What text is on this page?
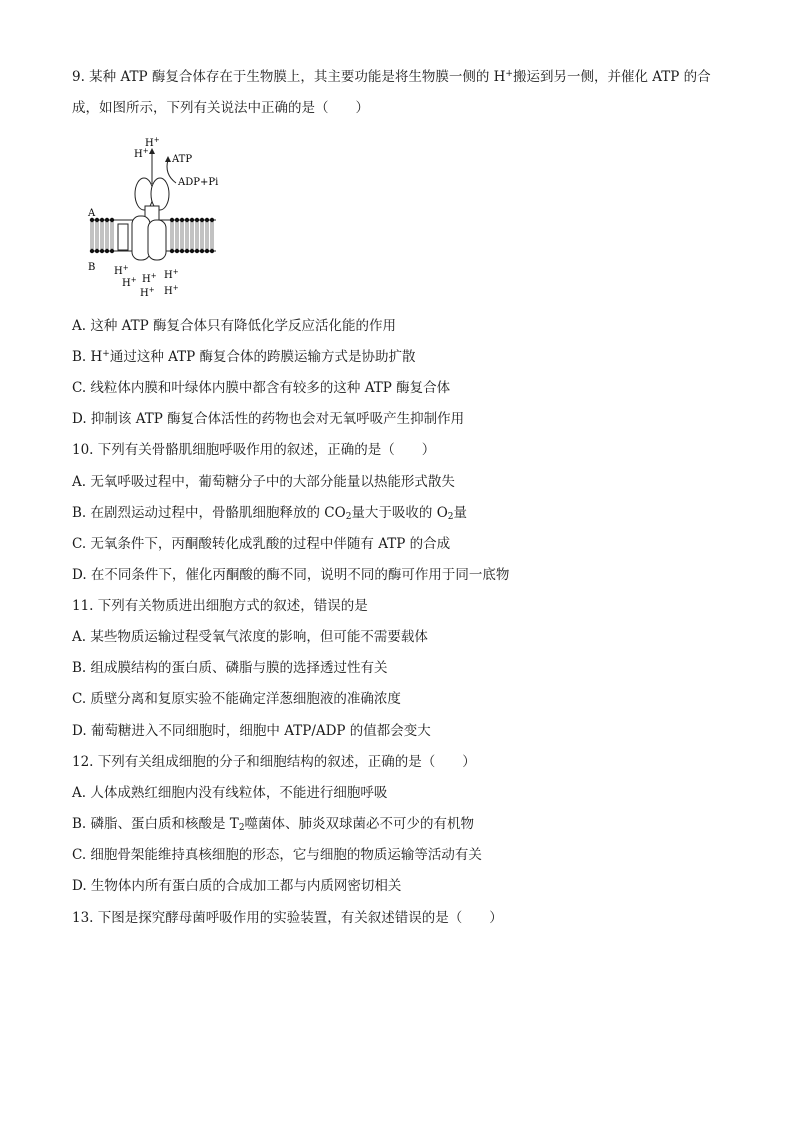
9. 某种 ATP 酶复合体存在于生物膜上，其主要功能是将生物膜一侧的 H+搬运到另一侧，并催化 ATP 的合
成，如图所示，下列有关说法中正确的是（　　）
H+
H+
ATP
ADP+Pi
A
B H+
H+ H+
H+
H+
H+
A. 这种 ATP 酶复合体只有降低化学反应活化能的作用
B. H+通过这种 ATP 酶复合体的跨膜运输方式是协助扩散
C. 线粒体内膜和叶绿体内膜中都含有较多的这种 ATP 酶复合体
D. 抑制该 ATP 酶复合体活性的药物也会对无氧呼吸产生抑制作用
10. 下列有关骨骼肌细胞呼吸作用的叙述，正确的是（　　）
A. 无氧呼吸过程中，葡萄糖分子中的大部分能量以热能形式散失
B. 在剧烈运动过程中，骨骼肌细胞释放的 $CO_2$量大于吸收的 $O_2$量
C. 无氧条件下，丙酮酸转化成乳酸的过程中伴随有 ATP 的合成
D. 在不同条件下，催化丙酮酸的酶不同，说明不同的酶可作用于同一底物
11. 下列有关物质进出细胞方式的叙述，错误的是
A. 某些物质运输过程受氧气浓度的影响，但可能不需要载体
B. 组成膜结构的蛋白质、磷脂与膜的选择透过性有关
C. 质壁分离和复原实验不能确定洋葱细胞液的准确浓度
D. 葡萄糖进入不同细胞时，细胞中 ATP/ADP 的值都会变大
12. 下列有关组成细胞的分子和细胞结构的叙述，正确的是（　　）
A. 人体成熟红细胞内没有线粒体，不能进行细胞呼吸
B. 磷脂、蛋白质和核酸是 $T_2$噬菌体、肺炎双球菌必不可少的有机物
C. 细胞骨架能维持真核细胞的形态，它与细胞的物质运输等活动有关
D. 生物体内所有蛋白质的合成加工都与内质网密切相关
13. 下图是探究酵母菌呼吸作用的实验装置，有关叙述错误的是（　　）
